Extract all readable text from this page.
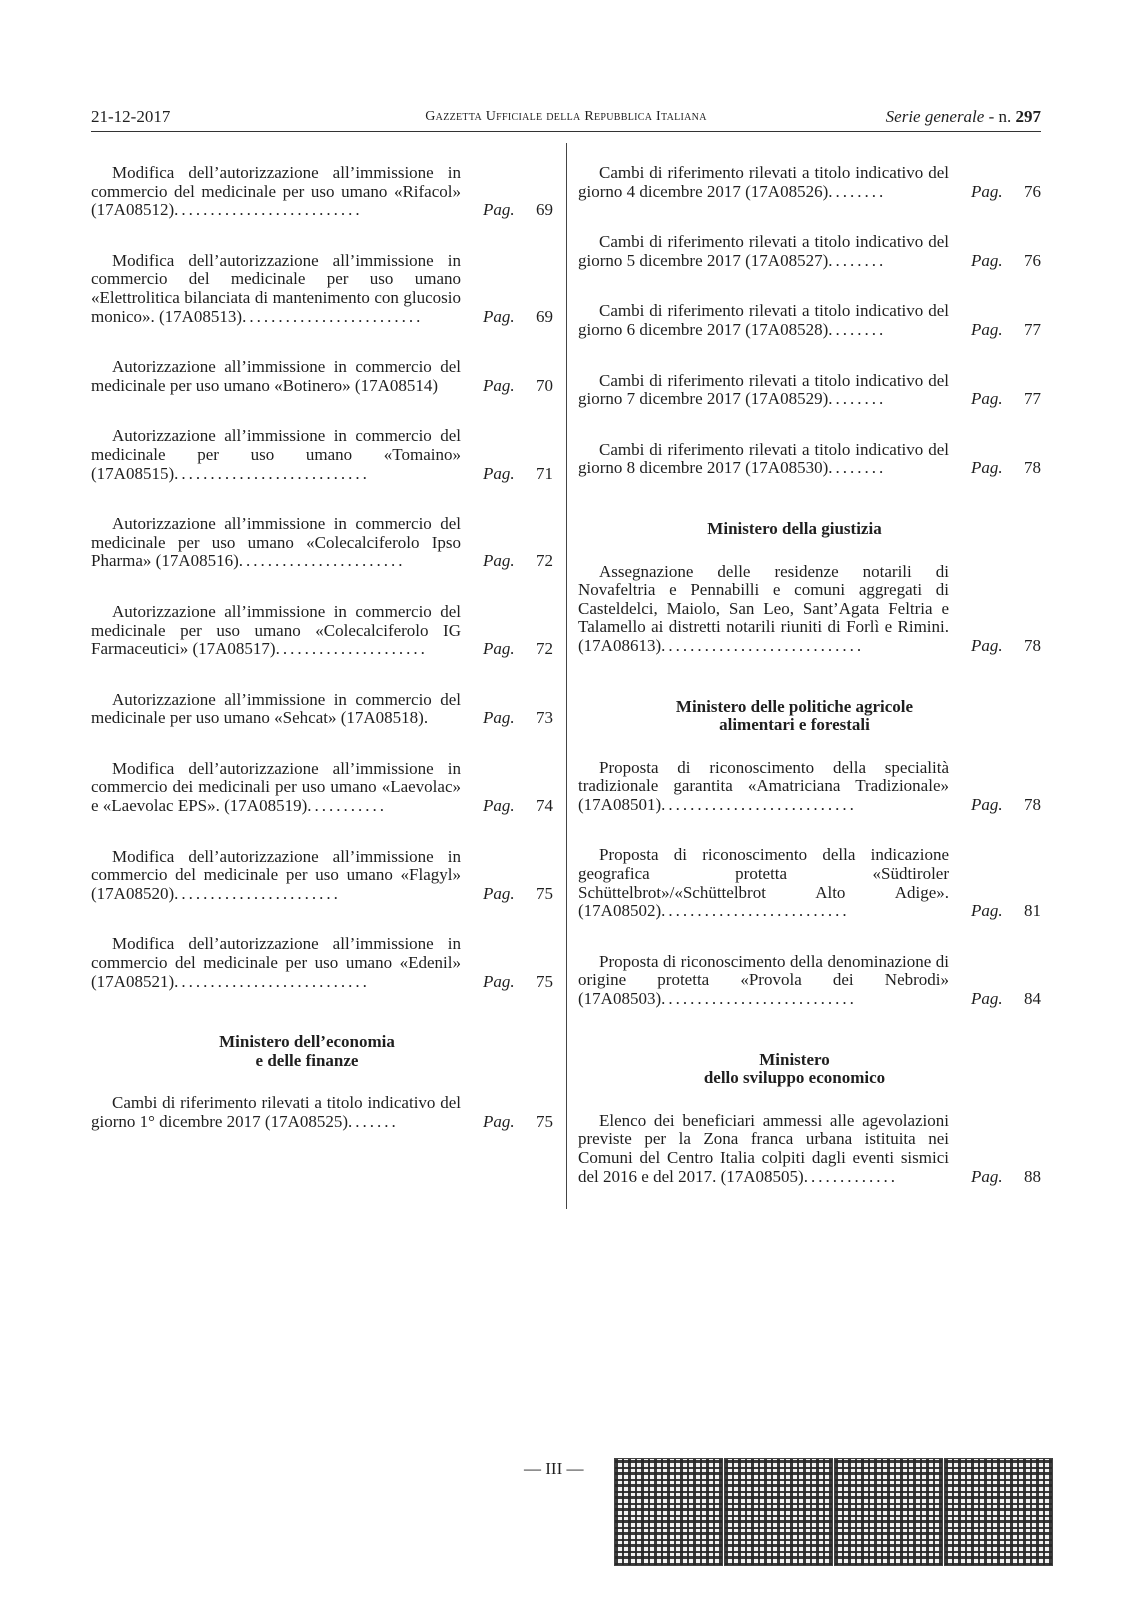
21-12-2017	Gazzetta Ufficiale della Repubblica Italiana	Serie generale - n. 297
Modifica dell’autorizzazione all’immissione in commercio del medicinale per uso umano «Rifacol» (17A08512)..........................	Pag. 69
Modifica dell’autorizzazione all’immissione in commercio del medicinale per uso umano «Elettrolitica bilanciata di mantenimento con glucosio monico». (17A08513).........................	Pag. 69
Autorizzazione all’immissione in commercio del medicinale per uso umano «Botinero» (17A08514)	Pag. 70
Autorizzazione all’immissione in commercio del medicinale per uso umano «Tomaino» (17A08515)...........................	Pag. 71
Autorizzazione all’immissione in commercio del medicinale per uso umano «Colecalciferolo Ipso Pharma» (17A08516).......................	Pag. 72
Autorizzazione all’immissione in commercio del medicinale per uso umano «Colecalciferolo IG Farmaceutici» (17A08517).....................	Pag. 72
Autorizzazione all’immissione in commercio del medicinale per uso umano «Sehcat» (17A08518).	Pag. 73
Modifica dell’autorizzazione all’immissione in commercio dei medicinali per uso umano «Laevolac» e «Laevolac EPS». (17A08519)...........	Pag. 74
Modifica dell’autorizzazione all’immissione in commercio del medicinale per uso umano «Flagyl» (17A08520).......................	Pag. 75
Modifica dell’autorizzazione all’immissione in commercio del medicinale per uso umano «Edenil» (17A08521)...........................	Pag. 75
Ministero dell’economia
e delle finanze
Cambi di riferimento rilevati a titolo indicativo del giorno 1° dicembre 2017 (17A08525).......	Pag. 75
Cambi di riferimento rilevati a titolo indicativo del giorno 4 dicembre 2017 (17A08526)........	Pag. 76
Cambi di riferimento rilevati a titolo indicativo del giorno 5 dicembre 2017 (17A08527)........	Pag. 76
Cambi di riferimento rilevati a titolo indicativo del giorno 6 dicembre 2017 (17A08528)........	Pag. 77
Cambi di riferimento rilevati a titolo indicativo del giorno 7 dicembre 2017 (17A08529)........	Pag. 77
Cambi di riferimento rilevati a titolo indicativo del giorno 8 dicembre 2017 (17A08530)........	Pag. 78
Ministero della giustizia
Assegnazione delle residenze notarili di Novafeltria e Pennabilli e comuni aggregati di Casteldelci, Maiolo, San Leo, Sant’Agata Feltria e Talamello ai distretti notarili riuniti di Forlì e Rimini. (17A08613)............................	Pag. 78
Ministero delle politiche agricole
alimentari e forestali
Proposta di riconoscimento della specialità tradizionale garantita «Amatriciana Tradizionale» (17A08501)...........................	Pag. 78
Proposta di riconoscimento della indicazione geografica protetta «Südtiroler Schüttelbrot»/«Schüttelbrot Alto Adige». (17A08502)..........................	Pag. 81
Proposta di riconoscimento della denominazione di origine protetta «Provola dei Nebrodi» (17A08503)...........................	Pag. 84
Ministero
dello sviluppo economico
Elenco dei beneficiari ammessi alle agevolazioni previste per la Zona franca urbana istituita nei Comuni del Centro Italia colpiti dagli eventi sismici del 2016 e del 2017. (17A08505).............	Pag. 88
— III —
